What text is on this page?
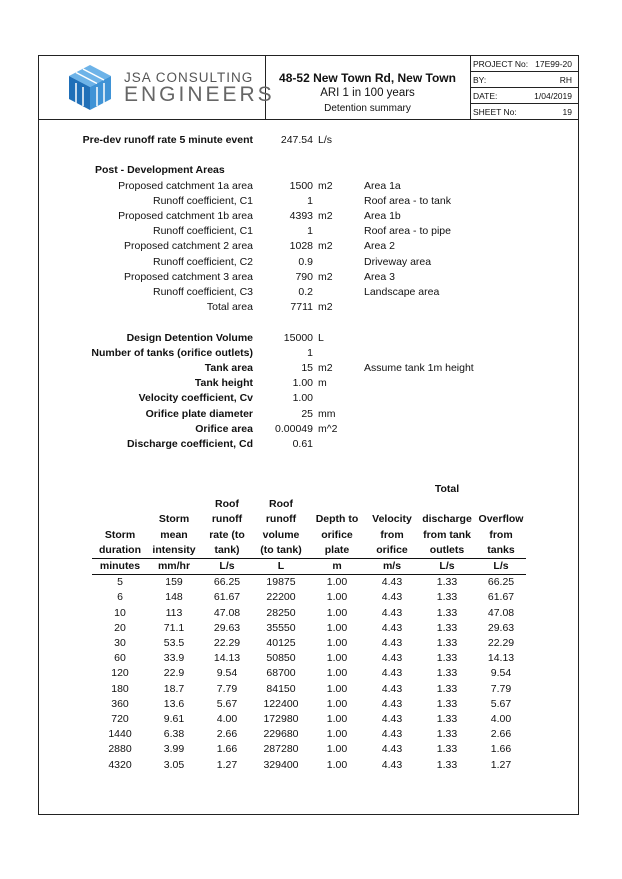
JSA CONSULTING
ENGINEERS
48-52 New Town Rd, New Town
ARI 1 in 100 years
Detention summary
PROJECT No: 17E99-20
BY:	RH
DATE:	1/04/2019
SHEET No:	19
Pre-dev runoff rate 5 minute event	247.54 L/s
Post - Development Areas
Proposed catchment 1a area	1500 m2	Area 1a
Runoff coefficient, C1	1	Roof area - to tank
Proposed catchment 1b area	4393 m2	Area 1b
Runoff coefficient, C1	1	Roof area - to pipe
Proposed catchment 2 area	1028 m2	Area 2
Runoff coefficient, C2	0.9	Driveway area
Proposed catchment 3 area	790 m2	Area 3
Runoff coefficient, C3	0.2	Landscape area
Total area	7711 m2
Design Detention Volume	15000 L
Number of tanks (orifice outlets)	1
Tank area	15 m2	Assume tank 1m height
Tank height	1.00 m
Velocity coefficient, Cv	1.00
Orifice plate diameter	25 mm
Orifice area 0.00049 m^2
Discharge coefficient, Cd	0.61
						Total	
		Roof	Roof				
	Storm	runoff	runoff	Depth to	Velocity	discharge	Overflow
Storm	mean	rate (to	volume	orifice	from	from tank	from
duration	intensity	tank)	(to tank)	plate	orifice	outlets	tanks
minutes	mm/hr	L/s	L	m	m/s	L/s	L/s
5	159	66.25	19875	1.00	4.43	1.33	66.25
6	148	61.67	22200	1.00	4.43	1.33	61.67
10	113	47.08	28250	1.00	4.43	1.33	47.08
20	71.1	29.63	35550	1.00	4.43	1.33	29.63
30	53.5	22.29	40125	1.00	4.43	1.33	22.29
60	33.9	14.13	50850	1.00	4.43	1.33	14.13
120	22.9	9.54	68700	1.00	4.43	1.33	9.54
180	18.7	7.79	84150	1.00	4.43	1.33	7.79
360	13.6	5.67	122400	1.00	4.43	1.33	5.67
720	9.61	4.00	172980	1.00	4.43	1.33	4.00
1440	6.38	2.66	229680	1.00	4.43	1.33	2.66
2880	3.99	1.66	287280	1.00	4.43	1.33	1.66
4320	3.05	1.27	329400	1.00	4.43	1.33	1.27
